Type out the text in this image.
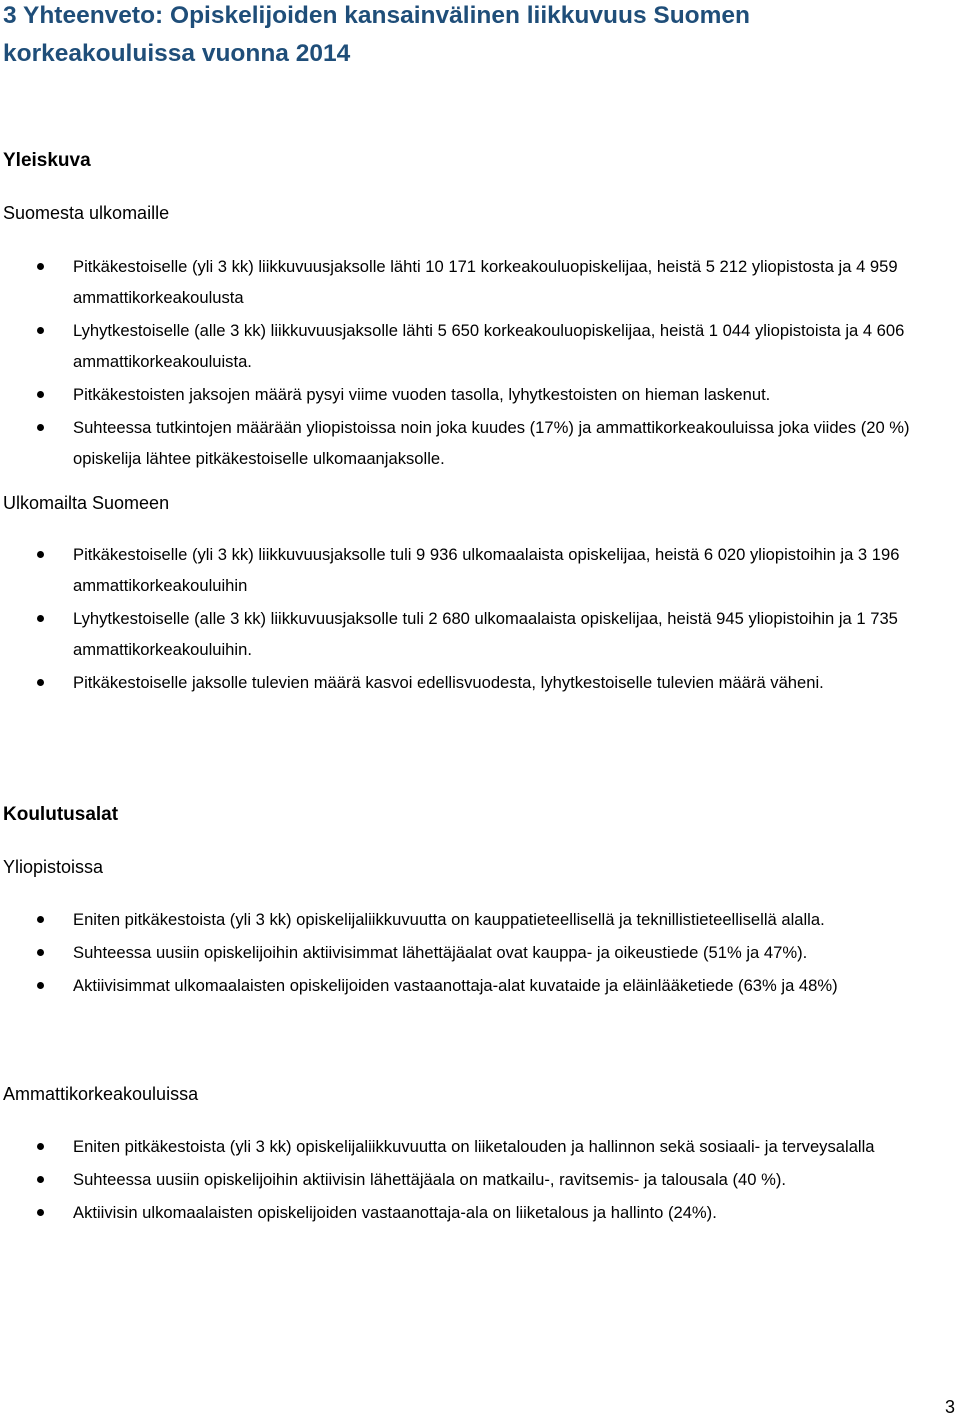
3 Yhteenveto: Opiskelijoiden kansainvälinen liikkuvuus Suomen korkeakouluissa vuonna 2014
Yleiskuva
Suomesta ulkomaille
Pitkäkestoiselle (yli 3 kk) liikkuvuusjaksolle lähti 10 171 korkeakouluopiskelijaa, heistä 5 212 yliopistosta ja 4 959 ammattikorkeakoulusta
Lyhytkestoiselle (alle 3 kk) liikkuvuusjaksolle lähti 5 650 korkeakouluopiskelijaa, heistä 1 044 yliopistoista ja 4 606 ammattikorkeakouluista.
Pitkäkestoisten jaksojen määrä pysyi viime vuoden tasolla, lyhytkestoisten on hieman laskenut.
Suhteessa tutkintojen määrään yliopistoissa noin joka kuudes (17%) ja ammattikorkeakouluissa joka viides (20 %) opiskelija lähtee pitkäkestoiselle ulkomaanjaksolle.
Ulkomailta Suomeen
Pitkäkestoiselle (yli 3 kk) liikkuvuusjaksolle tuli 9 936 ulkomaalaista opiskelijaa, heistä 6 020 yliopistoihin ja 3 196 ammattikorkeakouluihin
Lyhytkestoiselle (alle 3 kk) liikkuvuusjaksolle tuli 2 680 ulkomaalaista opiskelijaa, heistä 945 yliopistoihin ja 1 735 ammattikorkeakouluihin.
Pitkäkestoiselle jaksolle tulevien määrä kasvoi edellisvuodesta, lyhytkestoiselle tulevien määrä väheni.
Koulutusalat
Yliopistoissa
Eniten pitkäkestoista (yli 3 kk) opiskelijaliikkuvuutta on kauppatieteellisellä ja teknillistieteellisellä alalla.
Suhteessa uusiin opiskelijoihin aktiivisimmat lähettäjäalat ovat kauppa- ja oikeustiede (51% ja 47%).
Aktiivisimmat ulkomaalaisten opiskelijoiden vastaanottaja-alat kuvataide ja eläinlääketiede (63% ja 48%)
Ammattikorkeakouluissa
Eniten pitkäkestoista (yli 3 kk) opiskelijaliikkuvuutta on liiketalouden ja hallinnon sekä sosiaali- ja terveysalalla
Suhteessa uusiin opiskelijoihin aktiivisin lähettäjäala on matkailu-, ravitsemis- ja talousala (40 %).
Aktiivisin ulkomaalaisten opiskelijoiden vastaanottaja-ala on liiketalous ja hallinto (24%).
3
